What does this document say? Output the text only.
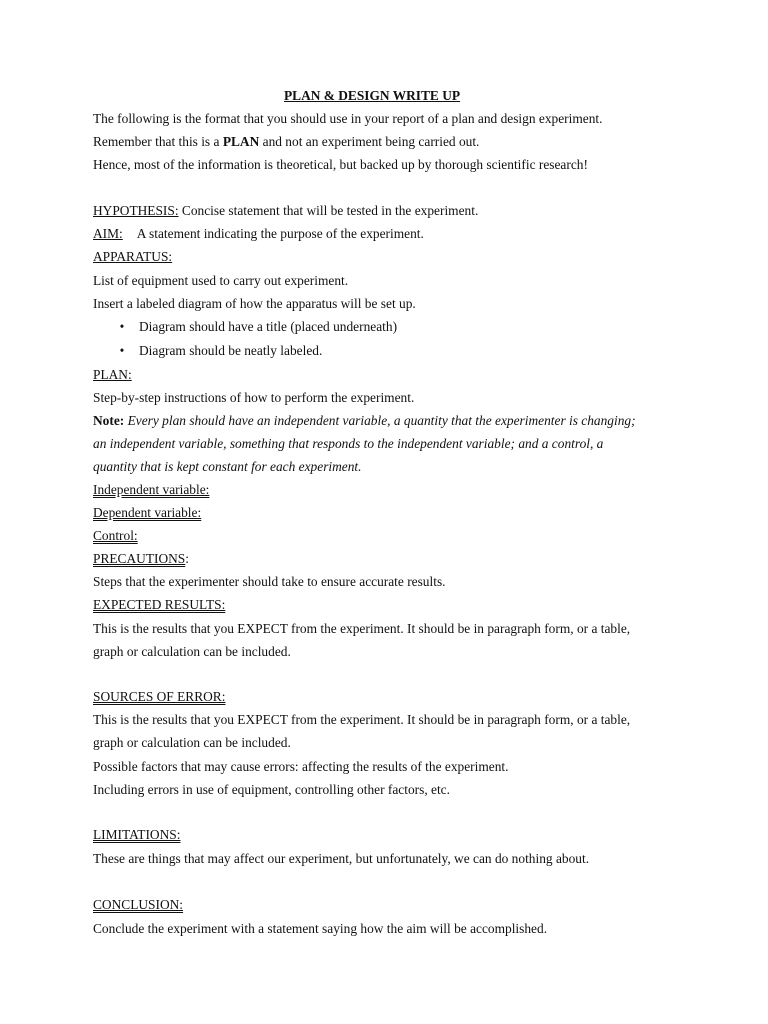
PLAN & DESIGN WRITE UP

The following is the format that you should use in your report of a plan and design experiment.

Remember that this is a PLAN and not an experiment being carried out.

Hence, most of the information is theoretical, but backed up by thorough scientific research!

HYPOTHESIS: Concise statement that will be tested in the experiment.

AIM: A statement indicating the purpose of the experiment.

APPARATUS:

List of equipment used to carry out experiment.

Insert a labeled diagram of how the apparatus will be set up.

•	Diagram should have a title (placed underneath)

•	Diagram should be neatly labeled.

PLAN:

Step-by-step instructions of how to perform the experiment.

Note: Every plan should have an independent variable, a quantity that the experimenter is changing;

an independent variable, something that responds to the independent variable; and a control, a

quantity that is kept constant for each experiment.

Independent variable:

Dependent variable:

Control:

PRECAUTIONS:

Steps that the experimenter should take to ensure accurate results.

EXPECTED RESULTS:

This is the results that you EXPECT from the experiment. It should be in paragraph form, or a table,

graph or calculation can be included.

SOURCES OF ERROR:

This is the results that you EXPECT from the experiment. It should be in paragraph form, or a table,

graph or calculation can be included.

Possible factors that may cause errors: affecting the results of the experiment.

Including errors in use of equipment, controlling other factors, etc.

LIMITATIONS:

These are things that may affect our experiment, but unfortunately, we can do nothing about.

CONCLUSION:

Conclude the experiment with a statement saying how the aim will be accomplished.
